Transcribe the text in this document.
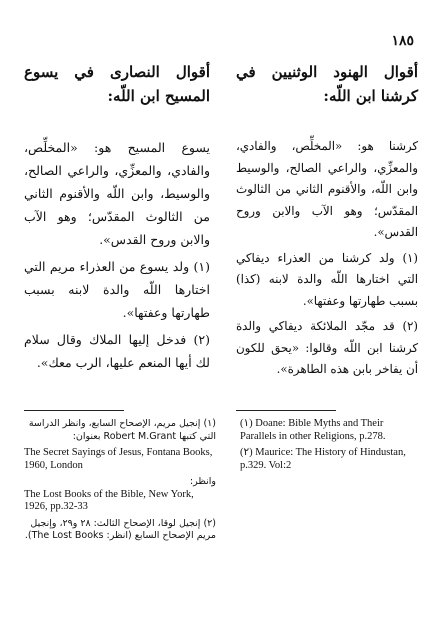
١٨٥
أقوال الهنود الوثنيين في كرشنا ابن اللّه:

كرشنا هو: «المخلِّص، والفادي، والمعزِّي، والراعي الصالح، والوسيط وابن اللّه، والأقنوم الثاني من الثالوث المقدّس؛ وهو الآب والابن وروح القدس».

(١) ولد كرشنا من العذراء ديفاكي التي اختارها اللّه والدة لابنه (كذا) بسبب طهارتها وعفتها».

(٢) قد مجّد الملائكة ديفاكي والدة كرشنا ابن اللّه وقالوا: «يحق للكون أن يفاخر بابن هذه الطاهرة».

أقوال النصارى في يسوع المسيح ابن اللّه:

يسوع المسيح هو: «المخلِّص، والفادي، والمعزِّي، والراعي الصالح، والوسيط، وابن اللّه والأقنوم الثاني من الثالوث المقدّس؛ وهو الآب والابن وروح القدس».

(١) ولد يسوع من العذراء مريم التي اختارها اللّه والدة لابنه بسبب طهارتها وعفتها».

(٢) فدخل إليها الملاك وقال سلام لك أيها المنعم عليها، الرب معك».

(١) Doane: Bible Myths and Their Parallels in other Religions, p.278.

(٢) Maurice: The History of Hindustan, p.329. Vol:2

(١) إنجيل مريم، الإصحاح السابع، وانظر الدراسة التي كتبها Robert M.Grant بعنوان:

The Secret Sayings of Jesus, Fontana Books, 1960, London

وانظر:

The Lost Books of the Bible, New York, 1926, pp.32-33

(٢) إنجيل لوقا، الإصحاح الثالث: ٢٨ و٢٩، وإنجيل مريم الإصحاح السابع (انظر: The Lost Books).
